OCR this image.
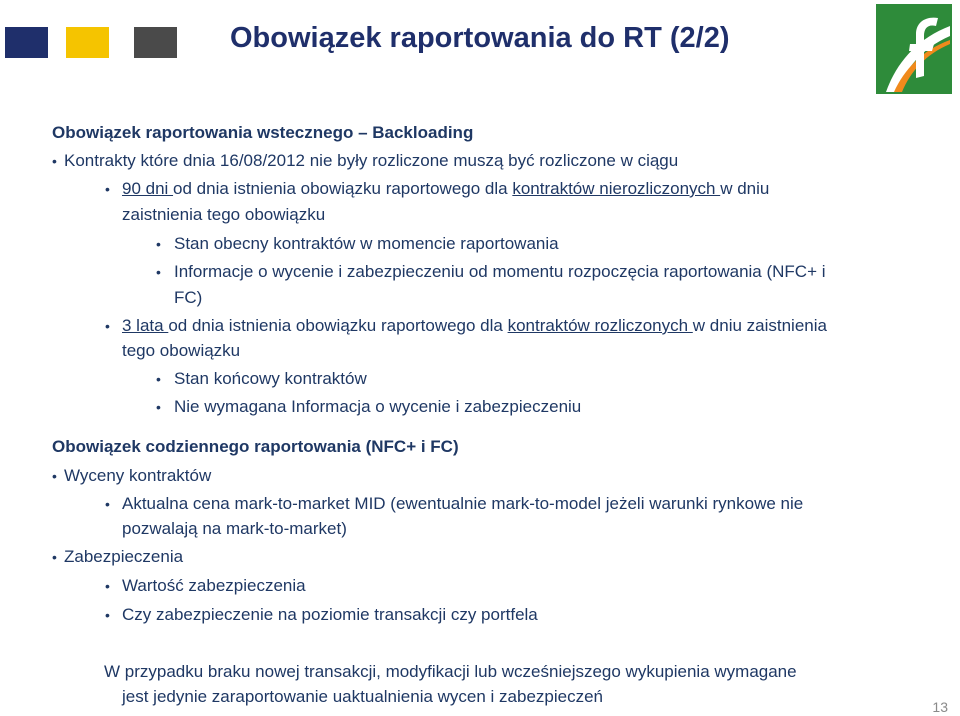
Obowiązek raportowania do RT (2/2)
Obowiązek raportowania wstecznego – Backloading
• Kontrakty które dnia 16/08/2012 nie były rozliczone muszą być rozliczone w ciągu
• 90 dni od dnia istnienia obowiązku raportowego dla kontraktów nierozliczonych w dniu
zaistnienia tego obowiązku
• Stan obecny kontraktów w momencie raportowania
• Informacje o wycenie i zabezpieczeniu od momentu rozpoczęcia raportowania (NFC+ i
FC)
• 3 lata od dnia istnienia obowiązku raportowego dla kontraktów rozliczonych w dniu zaistnienia
tego obowiązku
• Stan końcowy kontraktów
• Nie wymagana Informacja o wycenie i zabezpieczeniu
Obowiązek codziennego raportowania (NFC+ i FC)
• Wyceny kontraktów
• Aktualna cena mark-to-market MID (ewentualnie mark-to-model jeżeli warunki rynkowe nie
pozwalają na mark-to-market)
• Zabezpieczenia
• Wartość zabezpieczenia
• Czy zabezpieczenie na poziomie transakcji czy portfela
W przypadku braku nowej transakcji, modyfikacji lub wcześniejszego wykupienia wymagane
jest jedynie zaraportowanie uaktualnienia wycen i zabezpieczeń
13
